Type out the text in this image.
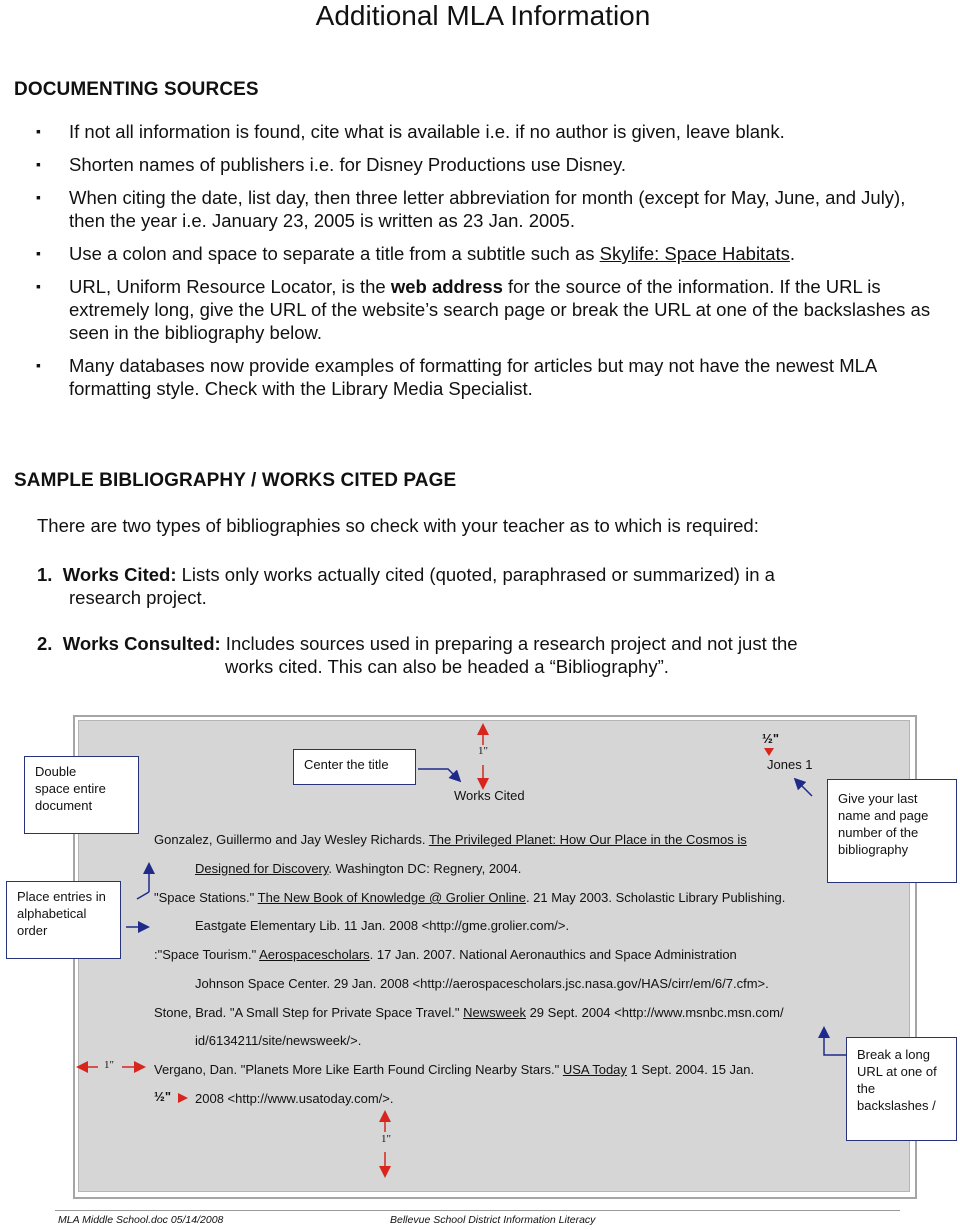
Additional MLA Information
DOCUMENTING SOURCES
▪ If not all information is found, cite what is available i.e. if no author is given, leave blank.
▪ Shorten names of publishers i.e. for Disney Productions use Disney.
▪ When citing the date, list day, then three letter abbreviation for month (except for May, June, and July), then the year i.e. January 23, 2005 is written as 23 Jan. 2005.
▪ Use a colon and space to separate a title from a subtitle such as Skylife: Space Habitats.
▪ URL, Uniform Resource Locator, is the web address for the source of the information. If the URL is extremely long, give the URL of the website’s search page or break the URL at one of the backslashes as seen in the bibliography below.
▪ Many databases now provide examples of formatting for articles but may not have the newest MLA formatting style. Check with the Library Media Specialist.
SAMPLE BIBLIOGRAPHY / WORKS CITED PAGE
There are two types of bibliographies so check with your teacher as to which is required:
1. Works Cited: Lists only works actually cited (quoted, paraphrased or summarized) in a
research project.
2. Works Consulted: Includes sources used in preparing a research project and not just the
works cited. This can also be headed a “Bibliography”.
1"
½"
Jones 1
Works Cited
Gonzalez, Guillermo and Jay Wesley Richards. The Privileged Planet: How Our Place in the Cosmos is
Designed for Discovery. Washington DC: Regnery, 2004.
"Space Stations." The New Book of Knowledge @ Grolier Online. 21 May 2003. Scholastic Library Publishing.
Eastgate Elementary Lib. 11 Jan. 2008 <http://gme.grolier.com/>.
:"Space Tourism." Aerospacescholars. 17 Jan. 2007. National Aeronauthics and Space Administration
Johnson Space Center. 29 Jan. 2008 <http://aerospacescholars.jsc.nasa.gov/HAS/cirr/em/6/7.cfm>.
Stone, Brad. "A Small Step for Private Space Travel." Newsweek 29 Sept. 2004 <http://www.msnbc.msn.com/
id/6134211/site/newsweek/>.
1"	Vergano, Dan. "Planets More Like Earth Found Circling Nearby Stars." USA Today 1 Sept. 2004. 15 Jan.
½" 2008 <http://www.usatoday.com/>.
1"
Double space entire document
Center the title
Give your last name and page number of the bibliography
Place entries in alphabetical order
Break a long URL at one of the backslashes /
MLA Middle School.doc 05/14/2008	Bellevue School District Information Literacy
